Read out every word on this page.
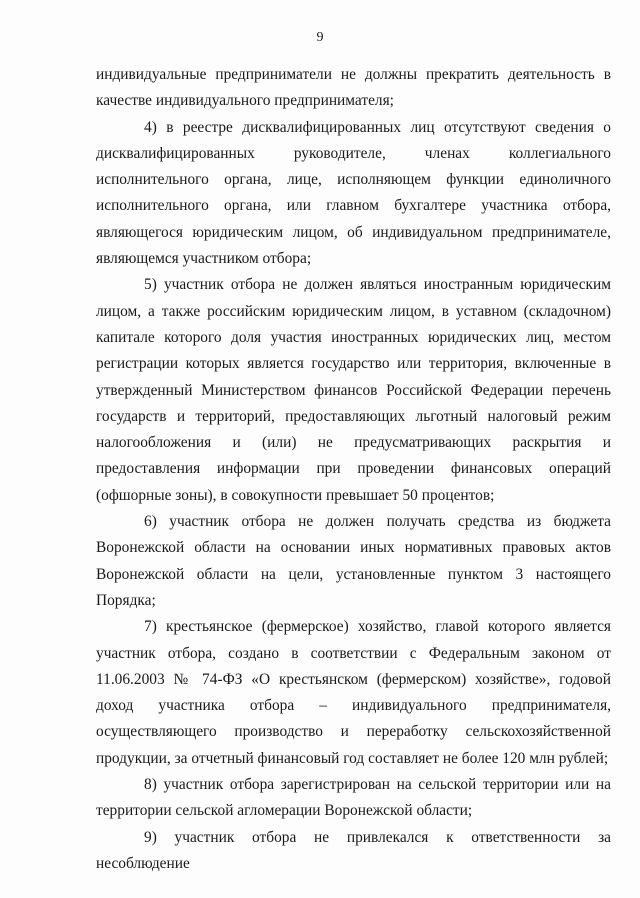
9

индивидуальные предприниматели не должны прекратить деятельность в качестве индивидуального предпринимателя;

4) в реестре дисквалифицированных лиц отсутствуют сведения о дисквалифицированных руководителе, членах коллегиального исполнительного органа, лице, исполняющем функции единоличного исполнительного органа, или главном бухгалтере участника отбора, являющегося юридическим лицом, об индивидуальном предпринимателе, являющемся участником отбора;

5) участник отбора не должен являться иностранным юридическим лицом, а также российским юридическим лицом, в уставном (складочном) капитале которого доля участия иностранных юридических лиц, местом регистрации которых является государство или территория, включенные в утвержденный Министерством финансов Российской Федерации перечень государств и территорий, предоставляющих льготный налоговый режим налогообложения и (или) не предусматривающих раскрытия и предоставления информации при проведении финансовых операций (офшорные зоны), в совокупности превышает 50 процентов;

6) участник отбора не должен получать средства из бюджета Воронежской области на основании иных нормативных правовых актов Воронежской области на цели, установленные пунктом 3 настоящего Порядка;

7) крестьянское (фермерское) хозяйство, главой которого является участник отбора, создано в соответствии с Федеральным законом от 11.06.2003 № 74-ФЗ «О крестьянском (фермерском) хозяйстве», годовой доход участника отбора – индивидуального предпринимателя, осуществляющего производство и переработку сельскохозяйственной продукции, за отчетный финансовый год составляет не более 120 млн рублей;

8) участник отбора зарегистрирован на сельской территории или на территории сельской агломерации Воронежской области;

9) участник отбора не привлекался к ответственности за несоблюдение
